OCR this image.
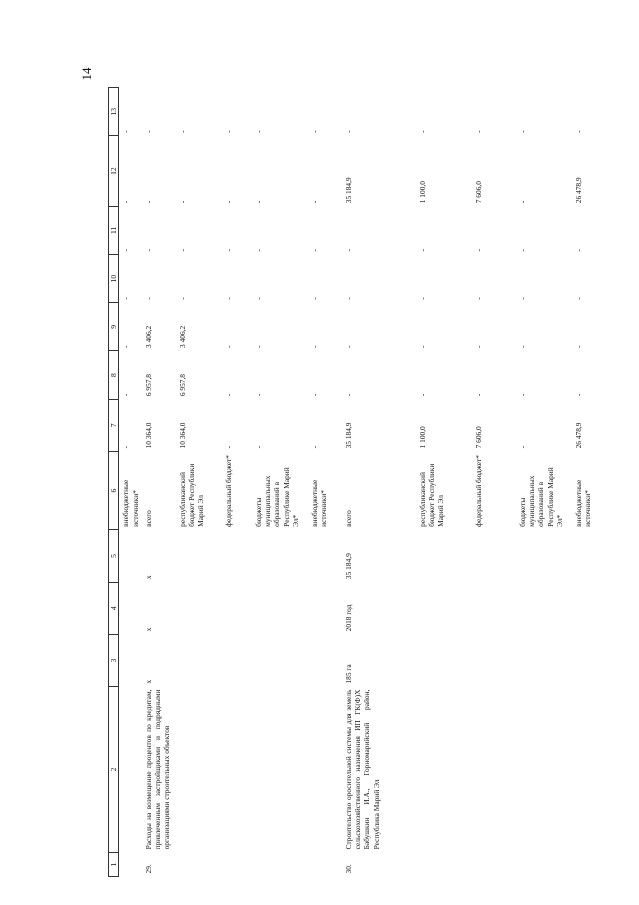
14
1	2	3	4	5	6	7	8	9	10	11	12	13
					внебюджетные источники*	-	-	-	-	-	-	-
29.	Расходы на возмещение процентов по кредитам, привлеченным застройщиками и подрядными организациями строительных объектов	х	х	х	всего	10 364,0	6 957,8	3 406,2	-	-	-	-
					республиканский бюджет Республики Марий Эл	10 364,0	6 957,8	3 406,2	-	-	-	-
					федеральный бюджет*	-	-	-	-	-	-	-
					бюджеты муниципальных образований в Республике Марий Эл*	-	-	-	-	-	-	-
					внебюджетные источники*	-	-	-	-	-	-	-
30.	Строительство оросительной системы для земель сельскохозяйственного назначения ИП ГК(Ф)Х Бабушкин И.А., Горномарийский район, Республика Марий Эл	185 га	2018 год	35 184,9	всего	35 184,9	-	-	-	-	35 184,9	-
					республиканский бюджет Республики Марий Эл	1 100,0	-	-	-	-	1 100,0	-
					федеральный бюджет*	7 606,0	-	-	-	-	7 606,0	-
					бюджеты муниципальных образований в Республике Марий Эл*	-	-	-	-	-	-	-
					внебюджетные источники*	26 478,9	-	-	-	-	26 478,9	-
